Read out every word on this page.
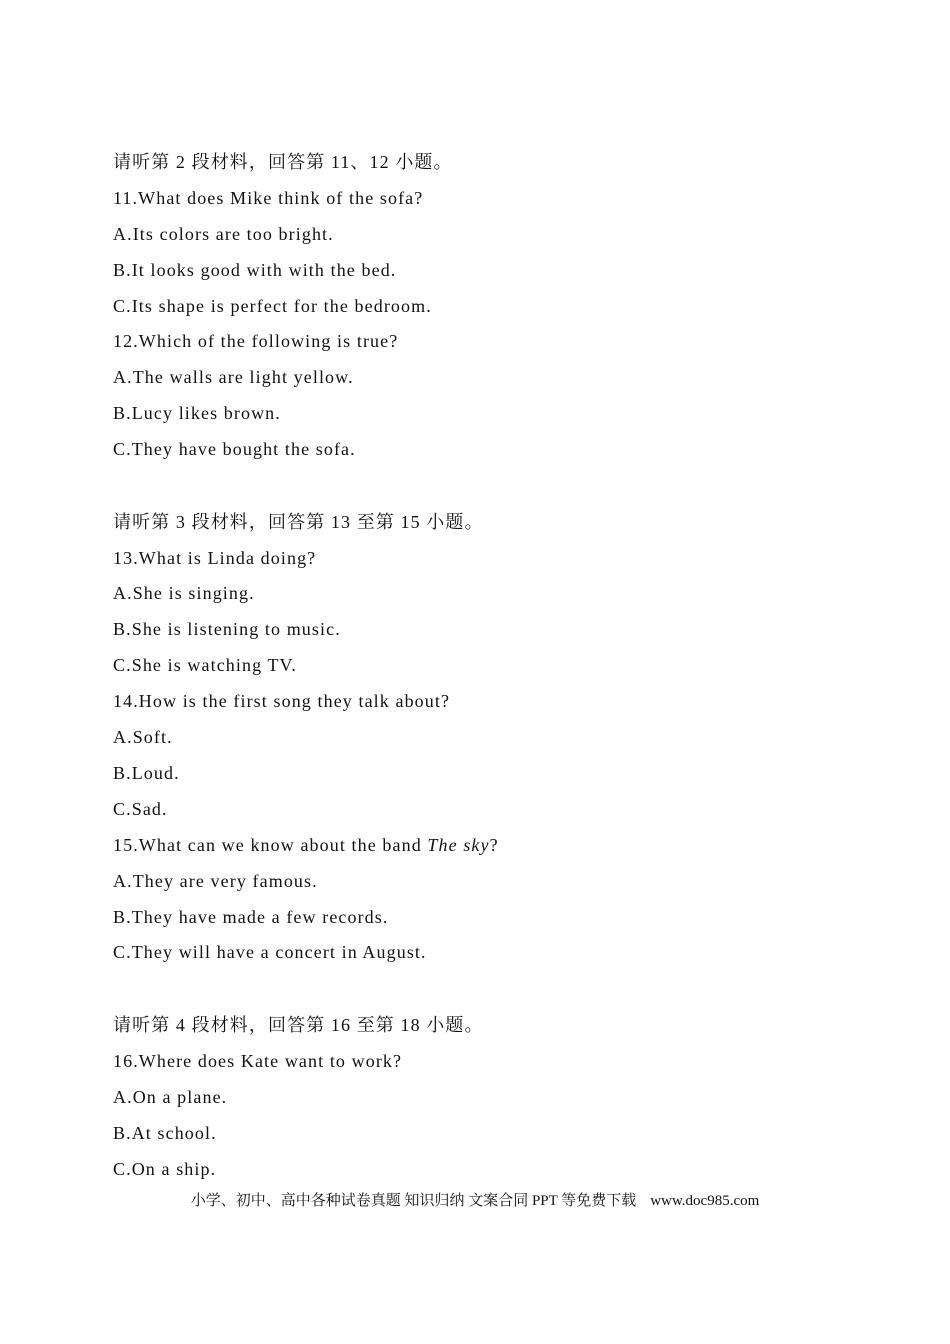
请听第 2 段材料，回答第 11、12 小题。
11.What does Mike think of the sofa?
A.Its colors are too bright.
B.It looks good with with the bed.
C.Its shape is perfect for the bedroom.
12.Which of the following is true?
A.The walls are light yellow.
B.Lucy likes brown.
C.They have bought the sofa.
请听第 3 段材料，回答第 13 至第 15 小题。
13.What is Linda doing?
A.She is singing.
B.She is listening to music.
C.She is watching TV.
14.How is the first song they talk about?
A.Soft.
B.Loud.
C.Sad.
15.What can we know about the band The sky?
A.They are very famous.
B.They have made a few records.
C.They will have a concert in August.
请听第 4 段材料，回答第 16 至第 18 小题。
16.Where does Kate want to work?
A.On a plane.
B.At school.
C.On a ship.
小学、初中、高中各种试卷真题 知识归纳 文案合同 PPT 等免费下载 www.doc985.com
